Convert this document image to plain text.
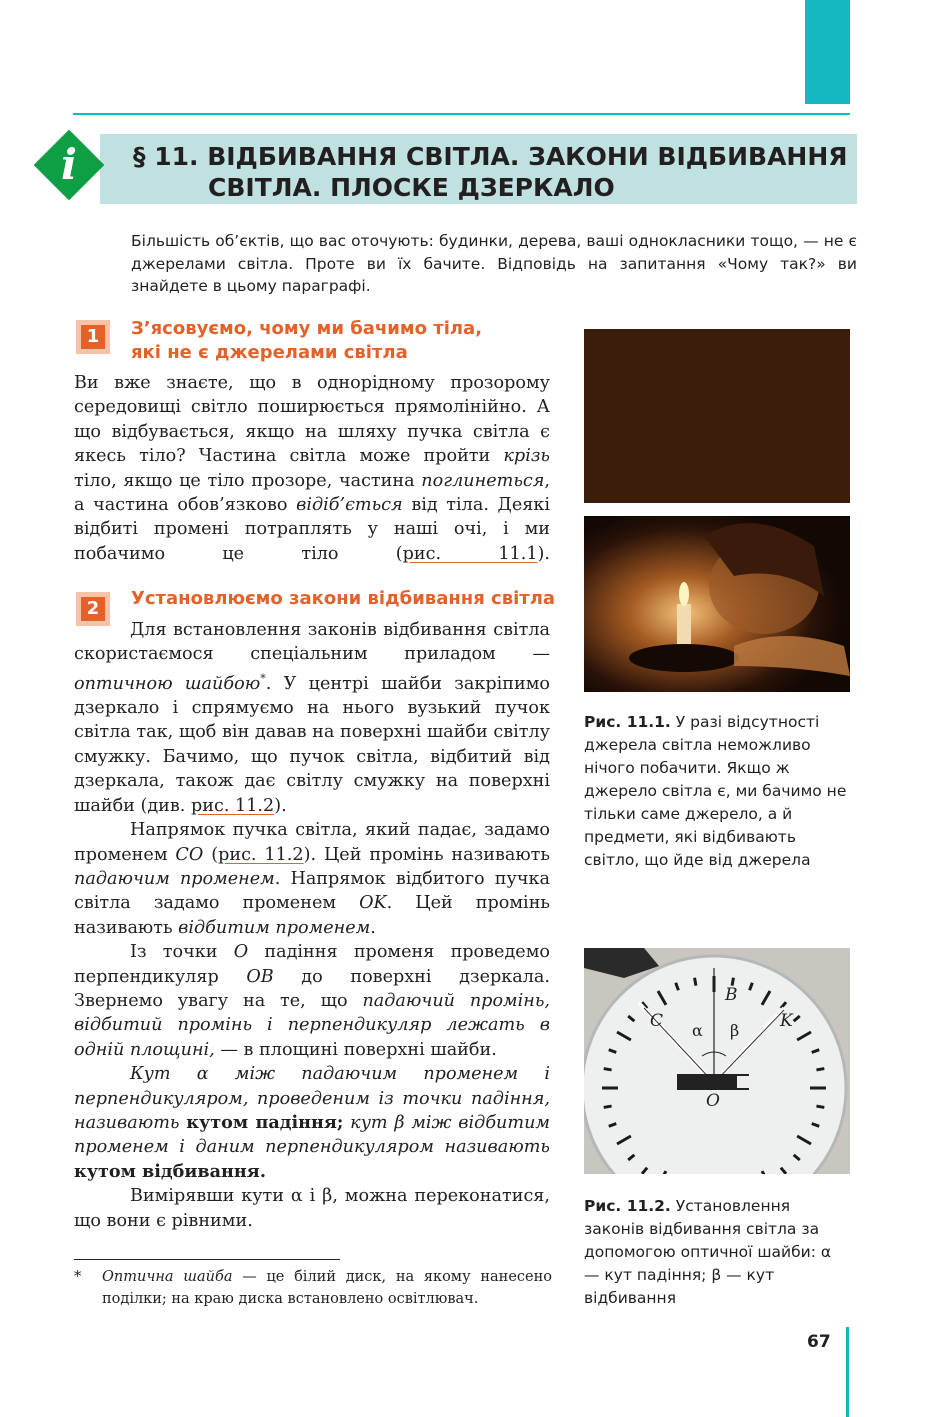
i	§ 11. ВІДБИВАННЯ СВІТЛА. ЗАКОНИ ВІДБИВАННЯ
СВІТЛА. ПЛОСКЕ ДЗЕРКАЛО
Більшість об’єктів, що вас оточують: будинки, дерева, ваші однокласники тощо, — не є джерелами світла. Проте ви їх бачите. Відповідь на запитання «Чому так?» ви знайдете в цьому параграфі.
1	З’ясовуємо, чому ми бачимо тіла,
які не є джерелами світла

Ви вже знаєте, що в однорідному прозорому середовищі світло поширюється прямолінійно. А що відбувається, якщо на шляху пучка світла є якесь тіло? Частина світла може пройти крізь тіло, якщо це тіло прозоре, частина поглинеться, а частина обов’язково відіб’ється від тіла. Деякі відбиті промені потраплять у наші очі, і ми побачимо це тіло (рис. 11.1).

2	Установлюємо закони відбивання світла

Для встановлення законів відбивання світла скористаємося спеціальним приладом — оптичною шайбою*. У центрі шайби закріпимо дзеркало і спрямуємо на нього вузький пучок світла так, щоб він давав на поверхні шайби світлу смужку. Бачимо, що пучок світла, відбитий від дзеркала, також дає світлу смужку на поверхні шайби (див. рис. 11.2).

Напрямок пучка світла, який падає, задамо променем CO (рис. 11.2). Цей промінь називають падаючим променем. Напрямок відбитого пучка світла задамо променем OK. Цей промінь називають відбитим променем.

Із точки O падіння променя проведемо перпендикуляр OB до поверхні дзеркала. Звернемо увагу на те, що падаючий промінь, відбитий промінь і перпендикуляр лежать в одній площині, — в площині поверхні шайби.

Кут α між падаючим променем і перпендикуляром, проведеним із точки падіння, називають кутом падіння; кут β між відбитим променем і даним перпендикуляром називають кутом відбивання.

Вимірявши кути α і β, можна переконатися, що вони є рівними.

Рис. 11.1. У разі відсутності джерела світла неможливо нічого побачити. Якщо ж джерело світла є, ми бачимо не тільки саме джерело, а й предмети, які відбивають світло, що йде від джерела
B
C	K
O
α β
Рис. 11.2. Установлення законів відбивання світла за допомогою оптичної шайби: α — кут падіння; β — кут відбивання
*	Оптична шайба — це білий диск, на якому нанесено поділки; на краю диска встановлено освітлювач.
67
